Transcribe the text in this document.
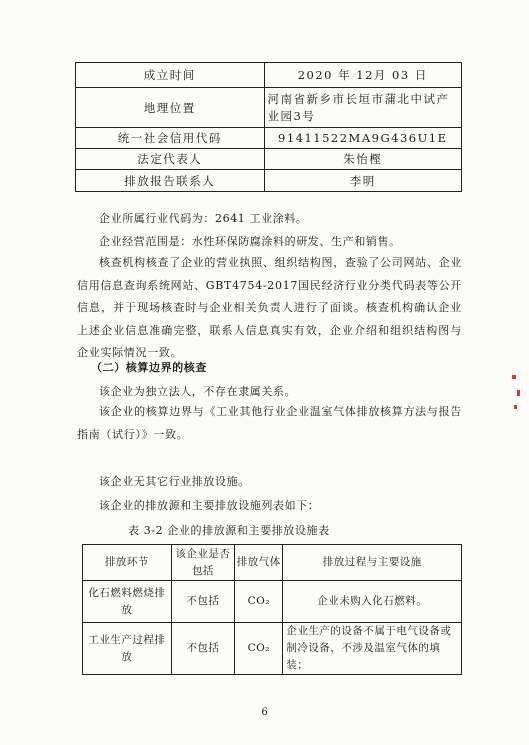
成立时间	2020 年 12月 03 日
地理位置	河南省新乡市长垣市蒲北中试产业园3号
统一社会信用代码	91411522MA9G436U1E
法定代表人	朱怡樫
排放报告联系人	李明

企业所属行业代码为：2641 工业涂料。

企业经营范围是：水性环保防腐涂料的研发、生产和销售。

核查机构核查了企业的营业执照、组织结构图，查验了公司网站、企业信用信息查询系统网站、GBT4754-2017国民经济行业分类代码表等公开信息，并于现场核查时与企业相关负责人进行了面谈。核查机构确认企业上述企业信息准确完整，联系人信息真实有效，企业介绍和组织结构图与企业实际情况一致。

（二）核算边界的核查

该企业为独立法人，不存在隶属关系。

该企业的核算边界与《工业其他行业企业温室气体排放核算方法与报告指南（试行）》一致。

该企业无其它行业排放设施。

该企业的排放源和主要排放设施列表如下：

表 3-2 企业的排放源和主要排放设施表
排放环节	该企业是否包括	排放气体	排放过程与主要设施
化石燃料燃烧排放	不包括	CO₂	企业未购入化石燃料。
工业生产过程排放	不包括	CO₂	企业生产的设备不属于电气设备或制冷设备，不涉及温室气体的填装；
6
